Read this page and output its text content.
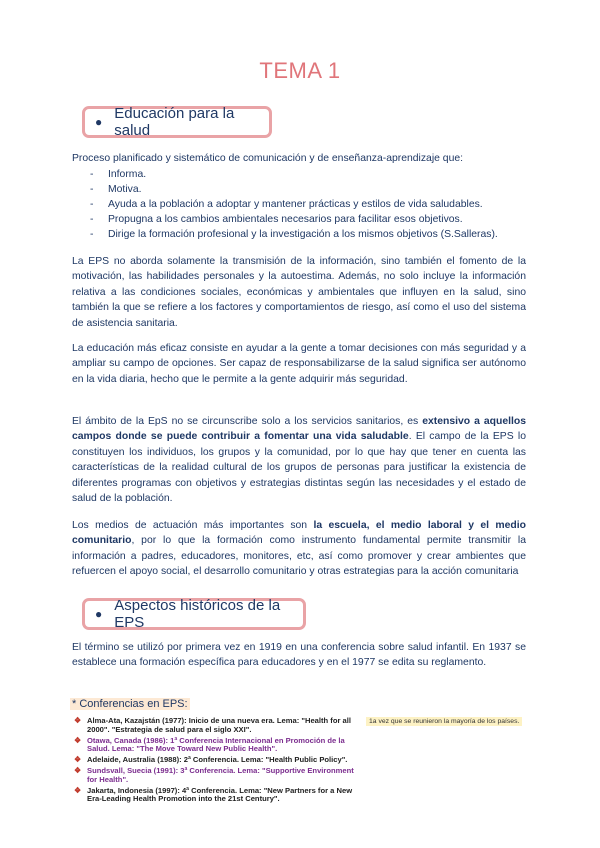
TEMA 1
● Educación para la salud
Proceso planificado y sistemático de comunicación y de enseñanza-aprendizaje que:
- Informa.
- Motiva.
- Ayuda a la población a adoptar y mantener prácticas y estilos de vida saludables.
- Propugna a los cambios ambientales necesarios para facilitar esos objetivos.
- Dirige la formación profesional y la investigación a los mismos objetivos (S.Salleras).
La EPS no aborda solamente la transmisión de la información, sino también el fomento de la motivación, las habilidades personales y la autoestima. Además, no solo incluye la información relativa a las condiciones sociales, económicas y ambientales que influyen en la salud, sino también la que se refiere a los factores y comportamientos de riesgo, así como el uso del sistema de asistencia sanitaria.
La educación más eficaz consiste en ayudar a la gente a tomar decisiones con más seguridad y a ampliar su campo de opciones. Ser capaz de responsabilizarse de la salud significa ser autónomo en la vida diaria, hecho que le permite a la gente adquirir más seguridad.
El ámbito de la EpS no se circunscribe solo a los servicios sanitarios, es extensivo a aquellos campos donde se puede contribuir a fomentar una vida saludable. El campo de la EPS lo constituyen los individuos, los grupos y la comunidad, por lo que hay que tener en cuenta las características de la realidad cultural de los grupos de personas para justificar la existencia de diferentes programas con objetivos y estrategias distintas según las necesidades y el estado de salud de la población.
Los medios de actuación más importantes son la escuela, el medio laboral y el medio comunitario, por lo que la formación como instrumento fundamental permite transmitir la información a padres, educadores, monitores, etc, así como promover y crear ambientes que refuercen el apoyo social, el desarrollo comunitario y otras estrategias para la acción comunitaria
● Aspectos históricos de la EPS
El término se utilizó por primera vez en 1919 en una conferencia sobre salud infantil. En 1937 se establece una formación específica para educadores y en el 1977 se edita su reglamento.
* Conferencias en EPS:
❖ Alma-Ata, Kazajstán (1977): Inicio de una nueva era. Lema: "Health for all 2000". "Estrategia de salud para el siglo XXI".
❖ Otawa, Canada (1986): 1ª Conferencia Internacional en Promoción de la Salud. Lema: "The Move Toward New Public Health".
❖ Adelaide, Australia (1988): 2ª Conferencia. Lema: "Health Public Policy".
❖ Sundsvall, Suecia (1991): 3ª Conferencia. Lema: "Supportive Environment for Health".
❖ Jakarta, Indonesia (1997): 4ª Conferencia. Lema: "New Partners for a New Era-Leading Health Promotion into the 21st Century".
1a vez que se reunieron la mayoría de los países.
